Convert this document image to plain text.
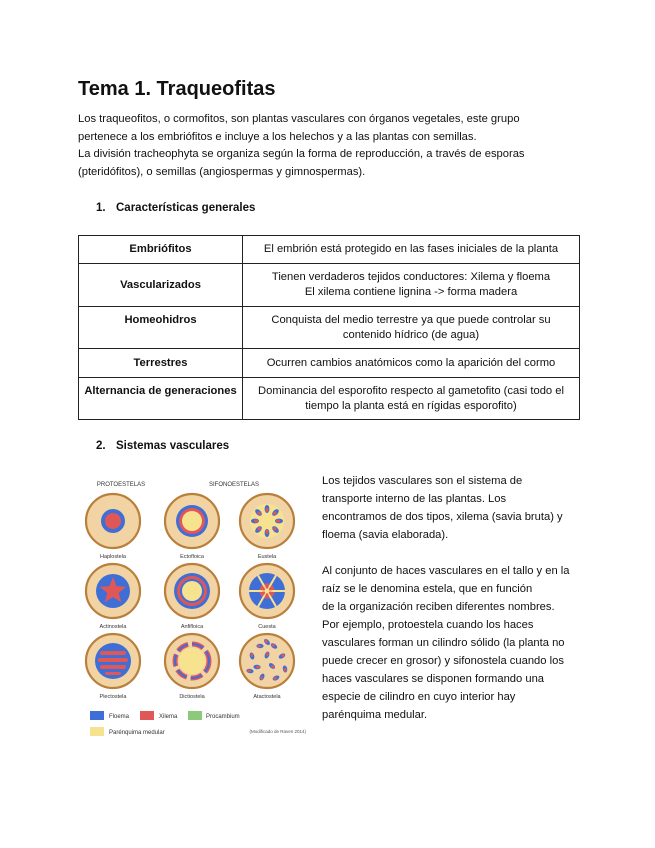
Tema 1. Traqueofitas

Los traqueofitos, o cormofitos, son plantas vasculares con órganos vegetales, este grupo

pertenece a los embriófitos e incluye a los helechos y a las plantas con semillas.

La división tracheophyta se organiza según la forma de reproducción, a través de esporas

(pteridófitos), o semillas (angiospermas y gimnospermas).

1. Características generales
Embriófitos	El embrión está protegido en las fases iniciales de la planta

Vascularizados	Tienen verdaderos tejidos conductores: Xilema y floema
El xilema contiene lignina -> forma madera

Homeohidros	Conquista del medio terrestre ya que puede controlar su
contenido hídrico (de agua)

Terrestres	Ocurren cambios anatómicos como la aparición del cormo

Alternancia de generaciones	Dominancia del esporofito respecto al gametofito (casi todo el
tiempo la planta está en rígidas esporofito)
2. Sistemas vasculares
PROTOESTELAS	SIFONOESTELAS
Haplostela	Ectofloica	Eustela
Actinostela	Anfifloica	Cuesta
Plectostela	Dictiostela	Atactostela
Floema	Xilema	Procambium
Parénquima medular	(Modificado de Raven 2014)

Los tejidos vasculares son el sistema de

transporte interno de las plantas. Los

encontramos de dos tipos, xilema (savia bruta) y

floema (savia elaborada).

Al conjunto de haces vasculares en el tallo y en la

raíz se le denomina estela, que en función

de la organización reciben diferentes nombres.

Por ejemplo, protoestela cuando los haces

vasculares forman un cilindro sólido (la planta no

puede crecer en grosor) y sifonostela cuando los

haces vasculares se disponen formando una

especie de cilindro en cuyo interior hay

parénquima medular.
